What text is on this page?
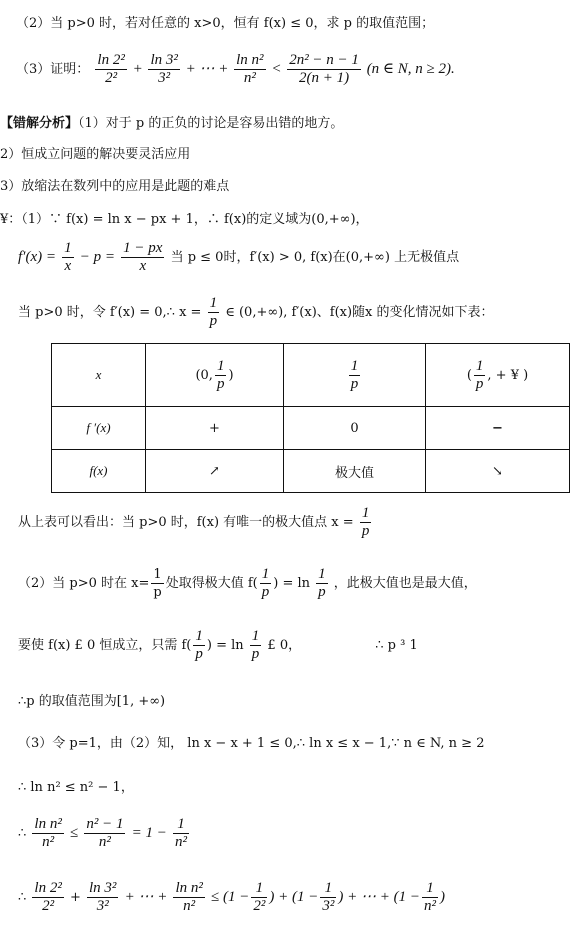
（2）当 p>0 时，若对任意的 x>0，恒有 f(x) ≤ 0，求 p 的取值范围；
（3）证明： $\frac{\text{ln 2²}}{\text{2²}} + \frac{\text{ln 3²}}{\text{3²}}$ + ⋯ + $\frac{\text{ln n²}}{\text{n²}} < \frac{\text{2n² − n − 1}}{2(n + 1)} (n$ ∈ N, n ≥ 2).
【错解分析】（1）对于 p 的正负的讨论是容易出错的地方。
2）恒成立问题的解决要灵活应用
3）放缩法在数列中的应用是此题的难点
¥：（1）∵ f(x) = ln x − px + 1，∴ f(x)的定义域为(0,+∞)，
$f'(x) = \frac{1}{x} - p = \frac{1 - px}{x}$ 当 p ≤ 0时，f′(x) > 0, f(x)在(0,+∞) 上无极值点
当 p>0 时，令 f′(x) = 0,∴ $x = \frac{1}{p}$ ∈ (0,+∞), f′(x)、f(x)随x 的变化情况如下表：
x	(0, $\frac{1}{p}$ )	$\frac{1}{p}$	( $\frac{1}{p}$ , + ¥ )
f ′(x)	+	0	−
f(x)	↗	极大值	↘
从上表可以看出：当 p>0 时，f(x) 有唯一的极大值点 $x = \frac{1}{p}$
（2）当 p>0 时在 $x= \frac{1}{p}$ 处取得极大值 $f( \frac{1}{p}$ ) = $\ln \frac{1}{p}$ ，此极大值也是最大值，
要使 f(x) £ 0 恒成立，只需 $f( \frac{1}{p}$ ) = $\ln \frac{1}{p}$ £ 0，	∴ p ³ 1
∴p 的取值范围为[1, +∞)
（3）令 p=1，由（2）知， ln x − x + 1 ≤ 0,∴ ln x ≤ x − 1,∵ n ∈ N, n ≥ 2
∴ ln n² ≤ n² − 1，
∴ $\frac{\text{ln n²}}{\text{n²}} \le \frac{\text{n² − 1}}{\text{n²}} = 1 - \frac{1}{\text{n²}}$
∴ $\frac{\text{ln 2²}}{\text{2²}} + \frac{\text{ln 3²}}{\text{3²}}$ + ⋯ + $\frac{\text{ln n²}}{\text{n²}} \le (1 - \frac{1}{\text{2²}}$ ) + ($1 - \frac{1}{\text{3²}}$ ) + ⋯ + ($1 - \frac{1}{\text{n²}}$ )
